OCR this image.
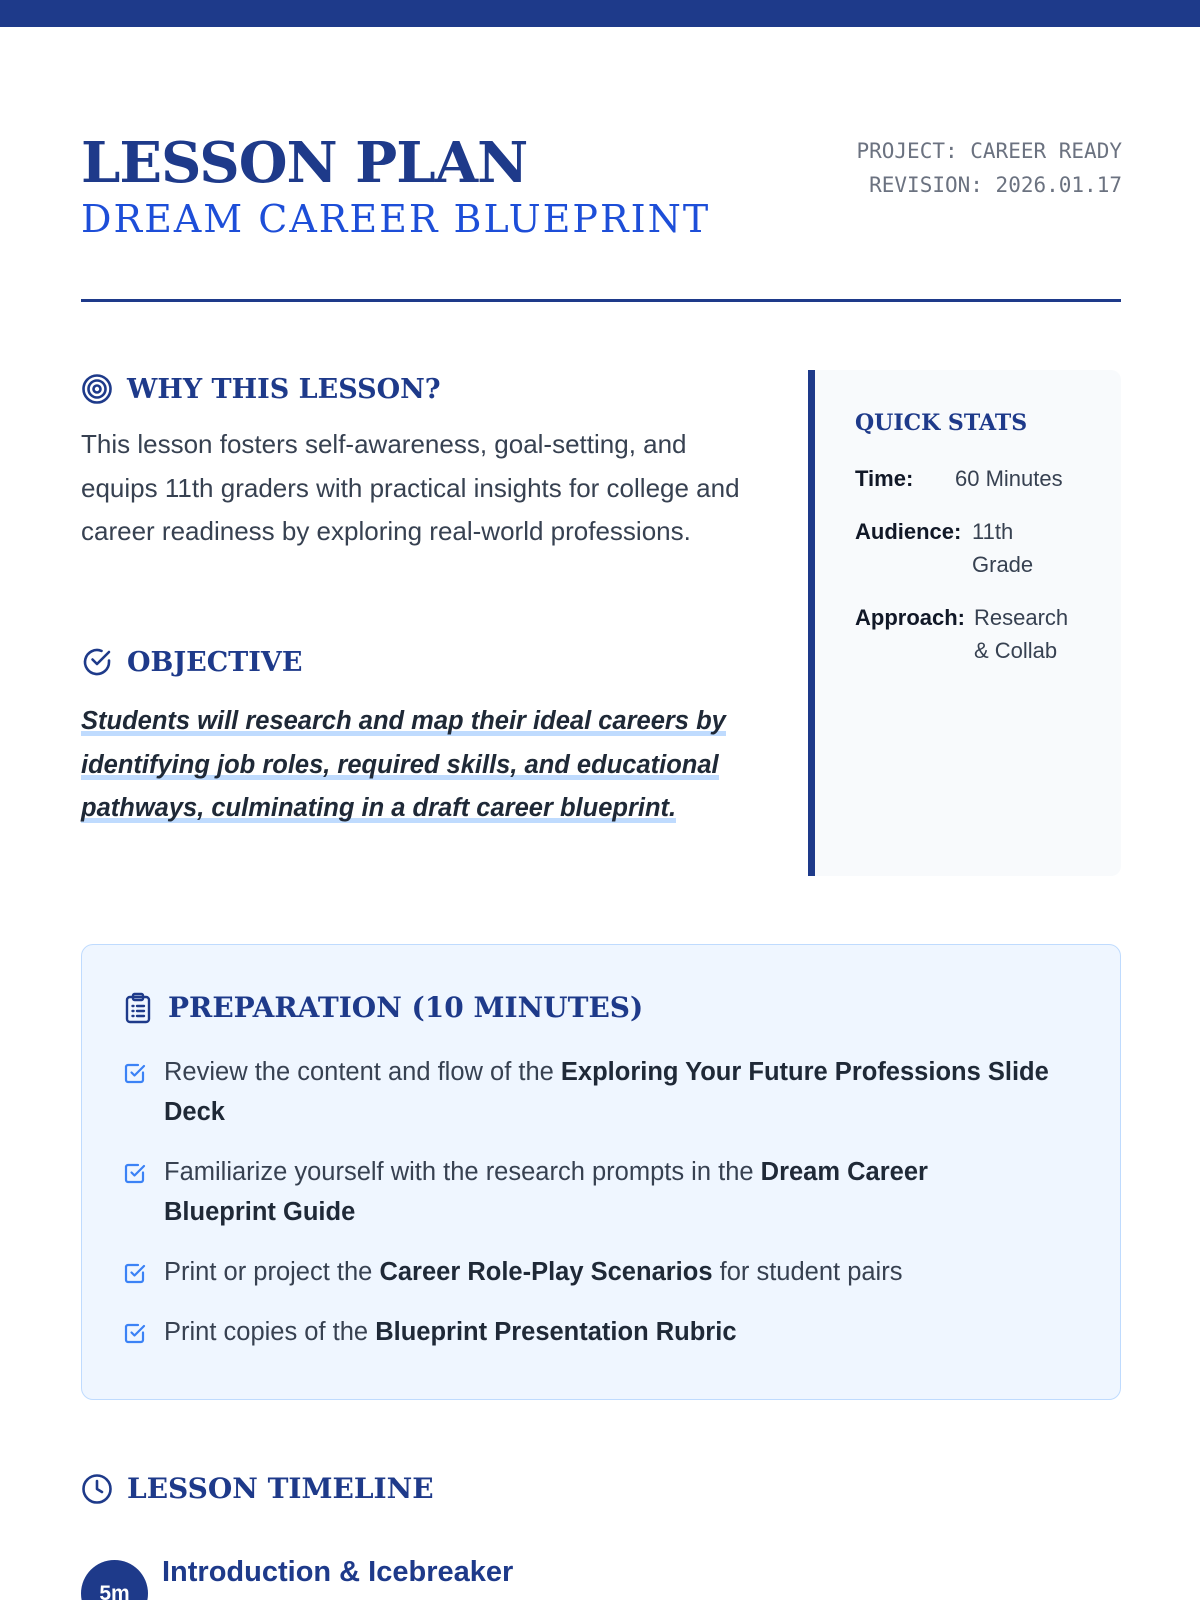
LESSON PLAN
DREAM CAREER BLUEPRINT
PROJECT: CAREER READY
REVISION: 2026.01.17
WHY THIS LESSON?

This lesson fosters self-awareness, goal-setting, and equips 11th graders with practical insights for college and career readiness by exploring real-world professions.

OBJECTIVE

Students will research and map their ideal careers by identifying job roles, required skills, and educational pathways, culminating in a draft career blueprint.

QUICK STATS
Time:	60 Minutes
Audience: 11th Grade
Approach: Research & Collab
PREPARATION (10 MINUTES)
Review the content and flow of the Exploring Your Future Professions Slide Deck
Familiarize yourself with the research prompts in the Dream Career Blueprint Guide
Print or project the Career Role-Play Scenarios for student pairs
Print copies of the Blueprint Presentation Rubric
LESSON TIMELINE
5m
Introduction & Icebreaker
